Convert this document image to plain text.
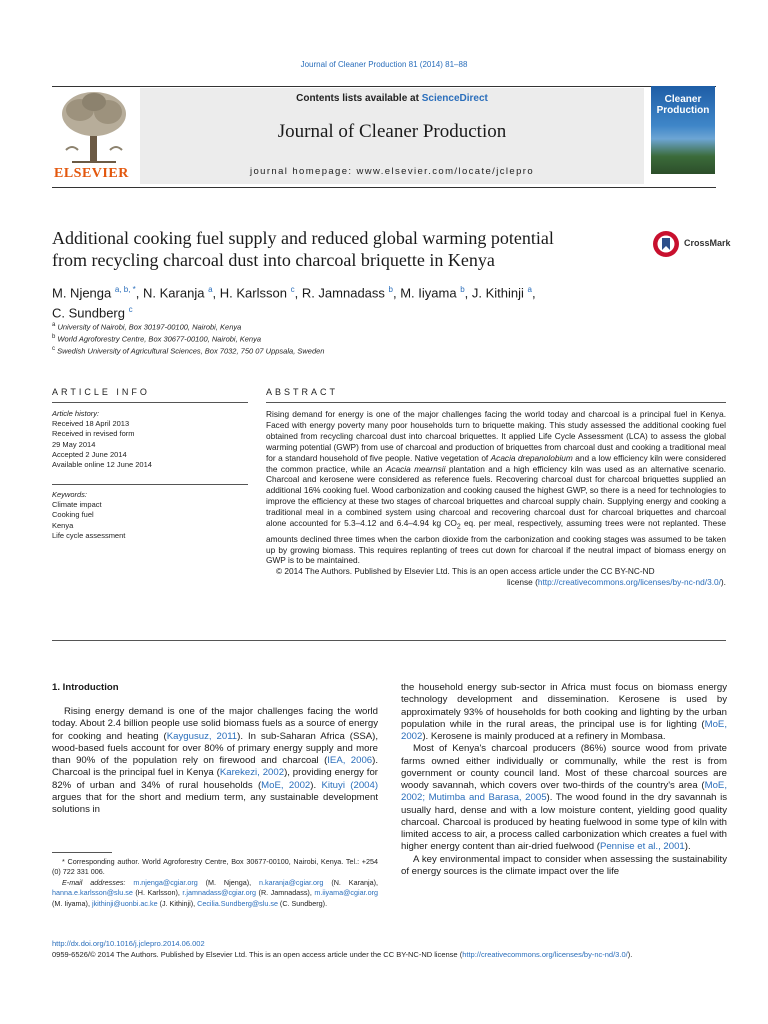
Journal of Cleaner Production 81 (2014) 81–88
ELSEVIER
Contents lists available at ScienceDirect
Journal of Cleaner Production
journal homepage: www.elsevier.com/locate/jclepro
Cleaner
Production
Additional cooking fuel supply and reduced global warming potential
from recycling charcoal dust into charcoal briquette in Kenya
CrossMark
M. Njenga $^{a, b, *}$, N. Karanja $^a$, H. Karlsson $^c$, R. Jamnadass $^b$, M. Iiyama $^b$, J. Kithinji $^a$,
C. Sundberg $^c$
$^a$ University of Nairobi, Box 30197-00100, Nairobi, Kenya
$^b$ World Agroforestry Centre, Box 30677-00100, Nairobi, Kenya
$^c$ Swedish University of Agricultural Sciences, Box 7032, 750 07 Uppsala, Sweden
ARTICLE INFO
Article history:
Received 18 April 2013
Received in revised form
29 May 2014
Accepted 2 June 2014
Available online 12 June 2014
Keywords:
Climate impact
Cooking fuel
Kenya
Life cycle assessment
ABSTRACT

Rising demand for energy is one of the major challenges facing the world today and charcoal is a principal fuel in Kenya. Faced with energy poverty many poor households turn to briquette making. This study assessed the additional cooking fuel obtained from recycling charcoal dust into charcoal briquettes. It applied Life Cycle Assessment (LCA) to assess the global warming potential (GWP) from use of charcoal and production of briquettes from charcoal dust and cooking a traditional meal for a standard household of five people. Native vegetation of Acacia drepanolobium and a low efficiency kiln were considered the common practice, while an Acacia mearnsii plantation and a high efficiency kiln was used as an alternative scenario. Charcoal and kerosene were considered as reference fuels. Recovering charcoal dust for charcoal briquettes supplied an additional 16% cooking fuel. Wood carbonization and cooking caused the highest GWP, so there is a need for technologies to improve the efficiency at these two stages of charcoal briquettes and charcoal supply chain. Supplying energy and cooking a traditional meal in a combined system using charcoal and recovering charcoal dust for charcoal briquettes and charcoal alone accounted for 5.3–4.12 and 6.4–4.94 kg $CO_2$ eq. per meal, respectively, assuming trees were not replanted. These amounts declined three times when the carbon dioxide from the carbonization and cooking stages was assumed to be taken up by growing biomass. This requires replanting of trees cut down for charcoal if the neutral impact of biomass energy on GWP is to be maintained.

© 2014 The Authors. Published by Elsevier Ltd. This is an open access article under the CC BY-NC-ND

license (http://creativecommons.org/licenses/by-nc-nd/3.0/).

1. Introduction

Rising energy demand is one of the major challenges facing the world today. About 2.4 billion people use solid biomass fuels as a source of energy for cooking and heating (Kaygusuz, 2011). In sub-Saharan Africa (SSA), wood-based fuels account for over 80% of primary energy supply and more than 90% of the population rely on firewood and charcoal (IEA, 2006). Charcoal is the principal fuel in Kenya (Karekezi, 2002), providing energy for 82% of urban and 34% of rural households (MoE, 2002). Kituyi (2004) argues that for the short and medium term, any sustainable development solutions in

* Corresponding author. World Agroforestry Centre, Box 30677-00100, Nairobi, Kenya. Tel.: +254 (0) 722 331 006.

E-mail addresses: m.njenga@cgiar.org (M. Njenga), n.karanja@cgiar.org (N. Karanja), hanna.e.karlsson@slu.se (H. Karlsson), r.jamnadass@cgiar.org (R. Jamnadass), m.iiyama@cgiar.org (M. Iiyama), jkithinji@uonbi.ac.ke (J. Kithinji), Cecilia.Sundberg@slu.se (C. Sundberg).

the household energy sub-sector in Africa must focus on biomass energy technology development and dissemination. Kerosene is used by approximately 93% of households for both cooking and lighting by the urban population while in the rural areas, the principal use is for lighting (MoE, 2002). Kerosene is mainly produced at a refinery in Mombasa.

Most of Kenya's charcoal producers (86%) source wood from private farms owned either individually or communally, while the rest is from government or county council land. Most of these charcoal sources are woody savannah, which covers over two-thirds of the country's area (MoE, 2002; Mutimba and Barasa, 2005). The wood found in the dry savannah is usually hard, dense and with a low moisture content, yielding good quality charcoal. Charcoal is produced by heating fuelwood in some type of kiln with limited access to air, a process called carbonization which creates a fuel with higher energy content than air-dried fuelwood (Pennise et al., 2001).

A key environmental impact to consider when assessing the sustainability of energy sources is the climate impact over the life

http://dx.doi.org/10.1016/j.jclepro.2014.06.002
0959-6526/© 2014 The Authors. Published by Elsevier Ltd. This is an open access article under the CC BY-NC-ND license (http://creativecommons.org/licenses/by-nc-nd/3.0/).
